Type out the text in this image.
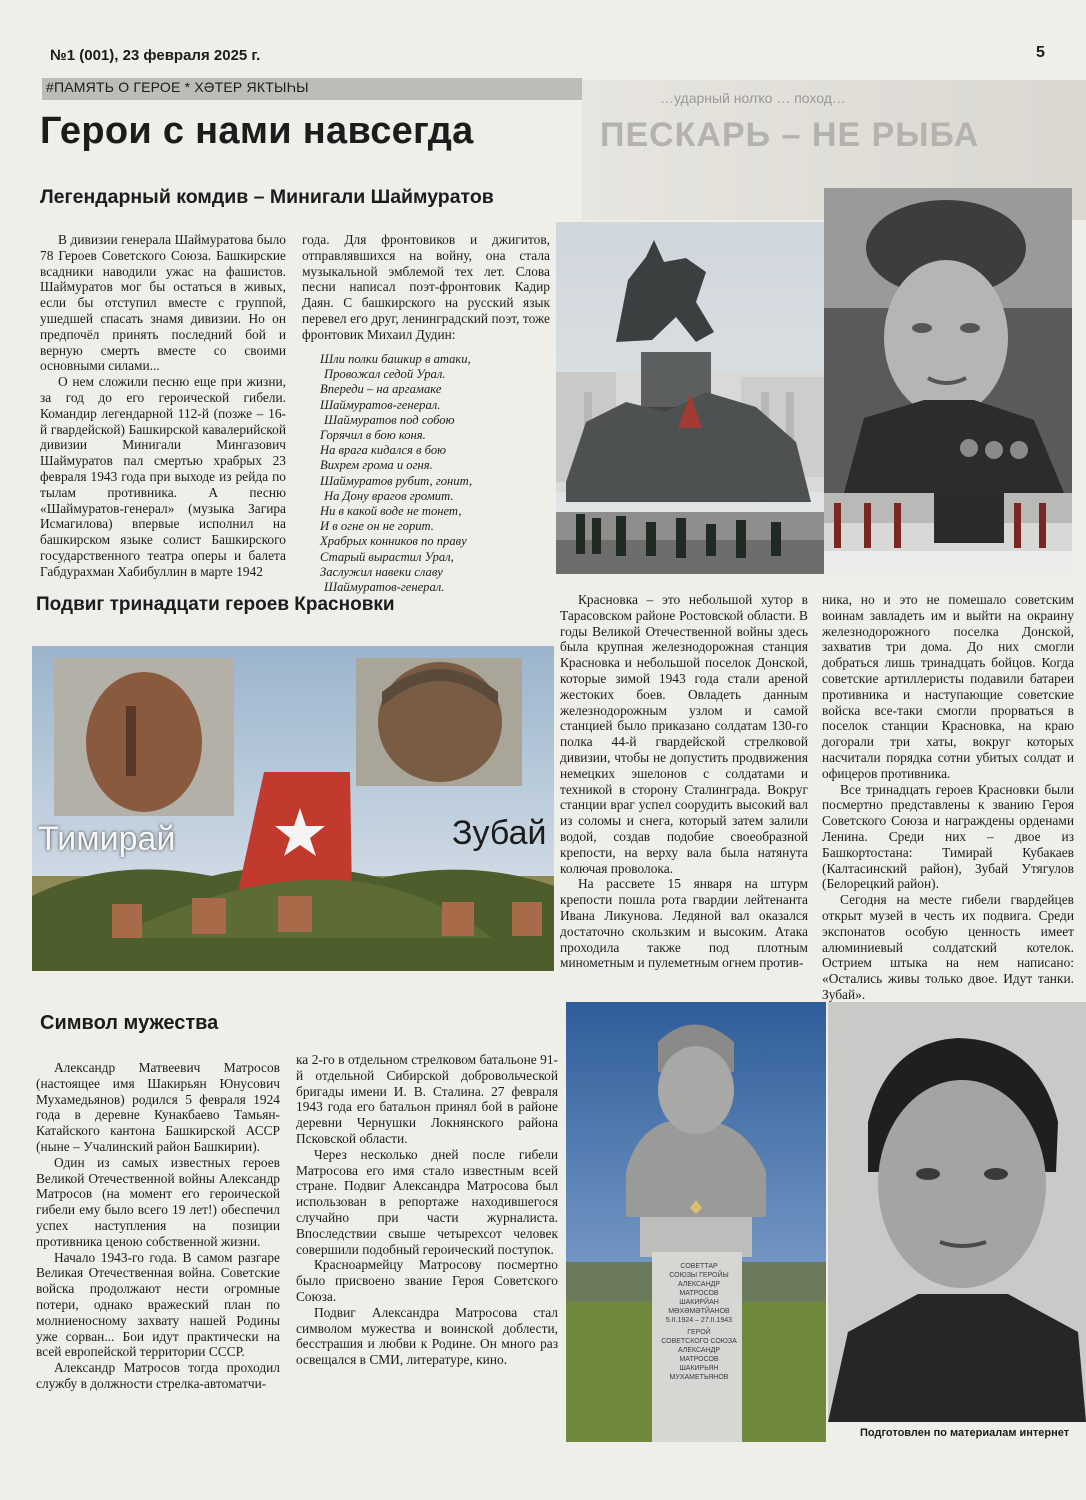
…ударный нолҡо … поход…
ПЕСКАРЬ – НЕ РЫБА
№1 (001), 23 февраля 2025 г.	5
#ПАМЯТЬ О ГЕРОЕ * ХӘТЕР ЯКТЫҺЫ
Герои с нами навсегда
Легендарный комдив – Минигали Шаймуратов

В дивизии генерала Шаймуратова было 78 Героев Советского Союза. Башкирские всадники наводили ужас на фашистов. Шаймуратов мог бы остаться в живых, если бы отступил вместе с группой, ушедшей спасать знамя дивизии. Но он предпочёл принять последний бой и верную смерть вместе со своими основными силами...

О нем сложили песню еще при жизни, за год до его героической гибели. Командир легендарной 112-й (позже – 16-й гвардейской) Башкирской кавалерийской дивизии Минигали Мингазович Шаймуратов пал смертью храбрых 23 февраля 1943 года при выходе из рейда по тылам противника. А песню «Шаймуратов-генерал» (музыка Загира Исмагилова) впервые исполнил на башкирском языке солист Башкирского государственного театра оперы и балета Габдурахман Хабибуллин в марте 1942

года. Для фронтовиков и джигитов, отправлявшихся на войну, она стала музыкальной эмблемой тех лет. Слова песни написал поэт-фронтовик Кадир Даян. С башкирского на русский язык перевел его друг, ленинградский поэт, тоже фронтовик Михаил Дудин:

Шли полки башкир в атаки,
Провожал седой Урал.
Впереди – на аргамаке
Шаймуратов-генерал.
Шаймуратов под собою
Горячил в бою коня.
На врага кидался в бою
Вихрем грома и огня.
Шаймуратов рубит, гонит,
На Дону врагов громит.
Ни в какой воде не тонет,
И в огне он не горит.
Храбрых конников по праву
Старый вырастил Урал,
Заслужил навеки славу
Шаймуратов-генерал.
Подвиг тринадцати героев Красновки
Тимирай	Зубай

Красновка – это небольшой хутор в Тарасовском районе Ростовской области. В годы Великой Отечественной войны здесь была крупная железнодорожная станция Красновка и небольшой поселок Донской, которые зимой 1943 года стали ареной жестоких боев. Овладеть данным железнодорожным узлом и самой станцией было приказано солдатам 130-го полка 44-й гвардейской стрелковой дивизии, чтобы не допустить продвижения немецких эшелонов с солдатами и техникой в сторону Сталинграда. Вокруг станции враг успел соорудить высокий вал из соломы и снега, который затем залили водой, создав подобие своеобразной крепости, на верху вала была натянута колючая проволока.

На рассвете 15 января на штурм крепости пошла рота гвардии лейтенанта Ивана Ликунова. Ледяной вал оказался достаточно скользким и высоким. Атака проходила также под плотным минометным и пулеметным огнем против-

ника, но и это не помешало советским воинам завладеть им и выйти на окраину железнодорожного поселка Донской, захватив три дома. До них смогли добраться лишь тринадцать бойцов. Когда советские артиллеристы подавили батареи противника и наступающие советские войска все-таки смогли прорваться в поселок станции Красновка, на краю догорали три хаты, вокруг которых насчитали порядка сотни убитых солдат и офицеров противника.

Все тринадцать героев Красновки были посмертно представлены к званию Героя Советского Союза и награждены орденами Ленина. Среди них – двое из Башкортостана: Тимирай Кубакаев (Калтасинский район), Зубай Утягулов (Белорецкий район).

Сегодня на месте гибели гвардейцев открыт музей в честь их подвига. Среди экспонатов особую ценность имеет алюминиевый солдатский котелок. Острием штыка на нем написано: «Остались живы только двое. Идут танки. Зубай».

Символ мужества

Александр Матвеевич Матросов (настоящее имя Шакирьян Юнусович Мухамедьянов) родился 5 февраля 1924 года в деревне Кунакбаево Тамьян-Катайского кантона Башкирской АССР (ныне – Учалинский район Башкирии).

Один из самых известных героев Великой Отечественной войны Александр Матросов (на момент его героической гибели ему было всего 19 лет!) обеспечил успех наступления на позиции противника ценою собственной жизни.

Начало 1943-го года. В самом разгаре Великая Отечественная война. Советские войска продолжают нести огромные потери, однако вражеский план по молниеносному захвату нашей Родины уже сорван... Бои идут практически на всей европейской территории СССР.

Александр Матросов тогда проходил службу в должности стрелка-автоматчи-

ка 2-го в отдельном стрелковом батальоне 91-й отдельной Сибирской добровольческой бригады имени И. В. Сталина. 27 февраля 1943 года его батальон принял бой в районе деревни Чернушки Локнянского района Псковской области.

Через несколько дней после гибели Матросова его имя стало известным всей стране. Подвиг Александра Матросова был использован в репортаже находившегося случайно при части журналиста. Впоследствии свыше четырехсот человек совершили подобный героический поступок.

Красноармейцу Матросову посмертно было присвоено звание Героя Советского Союза.

Подвиг Александра Матросова стал символом мужества и воинской доблести, бесстрашия и любви к Родине. Он много раз освещался в СМИ, литературе, кино.

СОВЕТТАР
СОЮЗЫ ГЕРОЙЫ
АЛЕКСАНДР
МАТРОСОВ
ШАКИРЙАН
МӨХӘМӘТЙАНОВ
5.II.1924 – 27.II.1943
ГЕРОЙ
СОВЕТСКОГО СОЮЗА
АЛЕКСАНДР
МАТРОСОВ
ШАКИРЬЯН
МУХАМЕТЬЯНОВ
Подготовлен по материалам интернет
